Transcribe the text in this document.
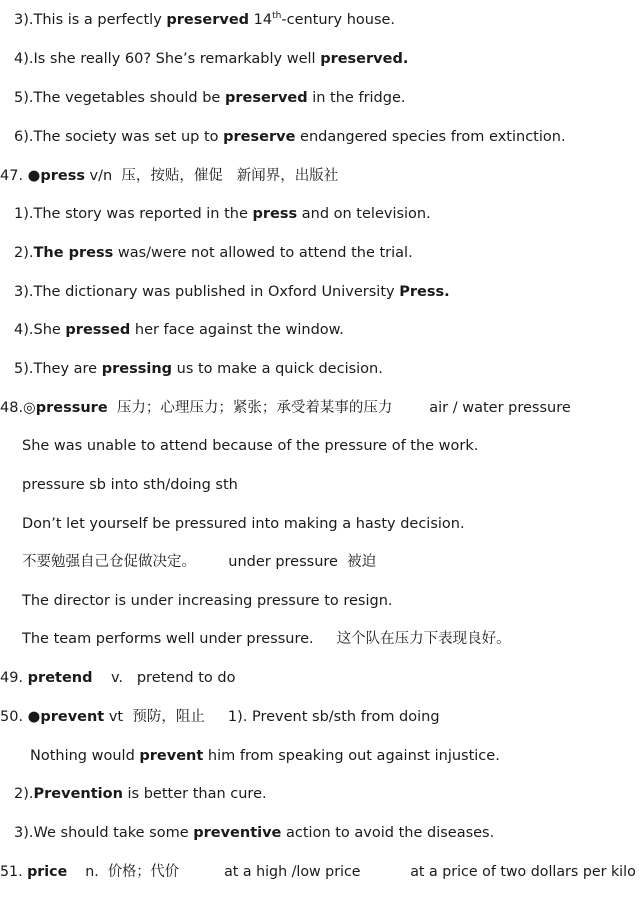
3).This is a perfectly preserved 14th-century house.
4).Is she really 60? She’s remarkably well preserved.
5).The vegetables should be preserved in the fridge.
6).The society was set up to preserve endangered species from extinction.
47. ●press v/n  压，按贴，催促   新闻界，出版社
1).The story was reported in the press and on television.
2).The press was/were not allowed to attend the trial.
3).The dictionary was published in Oxford University Press.
4).She pressed her face against the window.
5).They are pressing us to make a quick decision.
48.◎pressure  压力；心理压力；紧张；承受着某事的压力        air / water pressure
She was unable to attend because of the pressure of the work.
pressure sb into sth/doing sth
Don’t let yourself be pressured into making a hasty decision.
不要勉强自己仓促做决定。       under pressure  被迫
The director is under increasing pressure to resign.
The team performs well under pressure.     这个队在压力下表现良好。
49. pretend    v.   pretend to do
50. ●prevent vt  预防，阻止     1). Prevent sb/sth from doing
Nothing would prevent him from speaking out against injustice.
2).Prevention is better than cure.
3).We should take some preventive action to avoid the diseases.
51. price    n.  价格；代价          at a high /low price           at a price of two dollars per kilo
